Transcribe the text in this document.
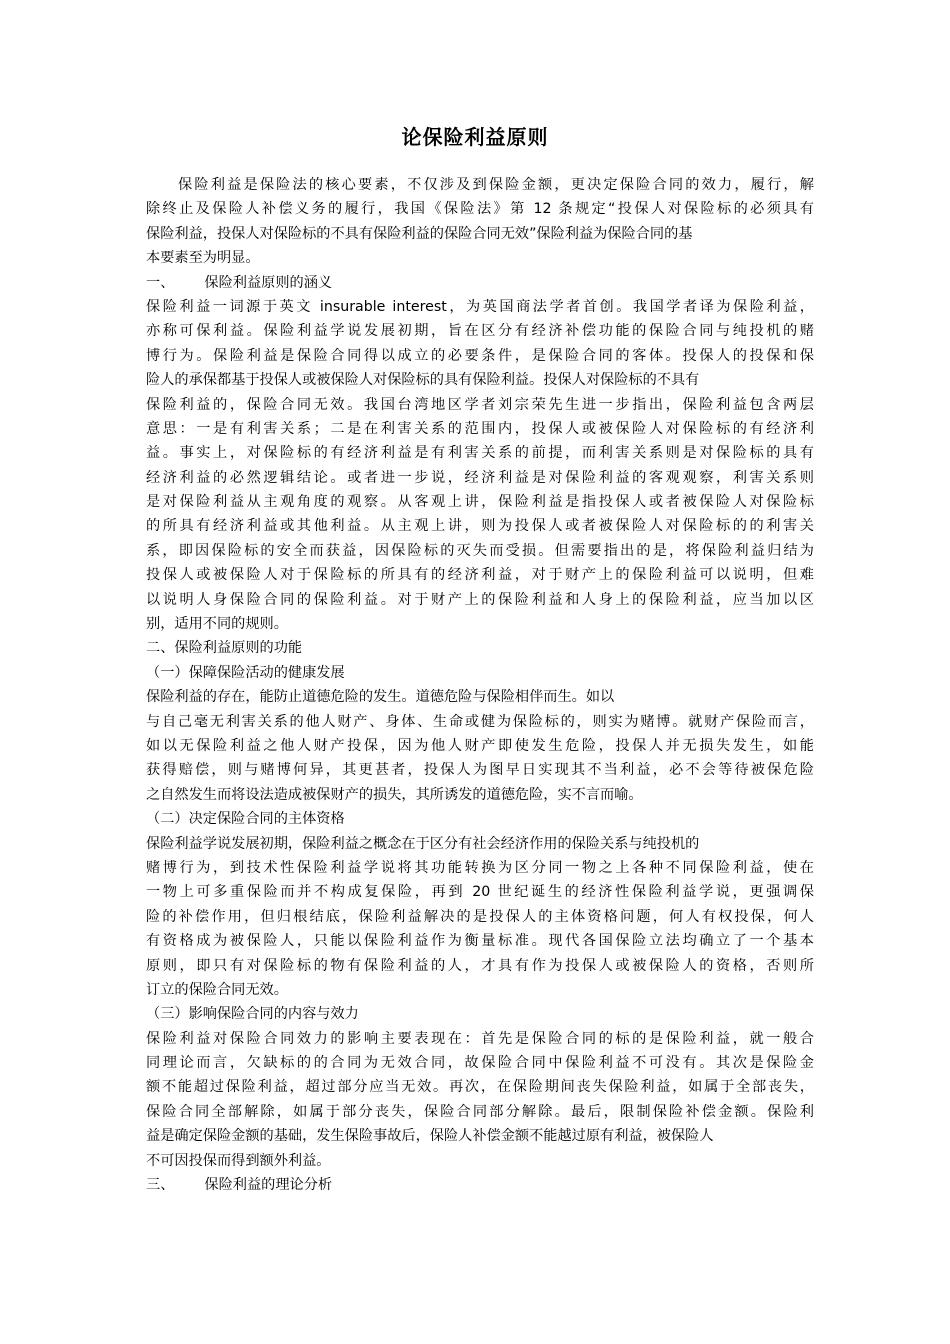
论保险利益原则
保险利益是保险法的核心要素，不仅涉及到保险金额，更决定保险合同的效力，履行，解
除终止及保险人补偿义务的履行，我国《保险法》第 12 条规定“投保人对保险标的必须具有
保险利益，投保人对保险标的不具有保险利益的保险合同无效”保险利益为保险合同的基
本要素至为明显。
一、 保险利益原则的涵义
保险利益一词源于英文 insurable interest，为英国商法学者首创。我国学者译为保险利益，
亦称可保利益。保险利益学说发展初期，旨在区分有经济补偿功能的保险合同与纯投机的赌
博行为。保险利益是保险合同得以成立的必要条件，是保险合同的客体。投保人的投保和保
险人的承保都基于投保人或被保险人对保险标的具有保险利益。投保人对保险标的不具有
保险利益的，保险合同无效。我国台湾地区学者刘宗荣先生进一步指出，保险利益包含两层
意思：一是有利害关系；二是在利害关系的范围内，投保人或被保险人对保险标的有经济利
益。事实上，对保险标的有经济利益是有利害关系的前提，而利害关系则是对保险标的具有
经济利益的必然逻辑结论。或者进一步说，经济利益是对保险利益的客观观察，利害关系则
是对保险利益从主观角度的观察。从客观上讲，保险利益是指投保人或者被保险人对保险标
的所具有经济利益或其他利益。从主观上讲，则为投保人或者被保险人对保险标的的利害关
系，即因保险标的安全而获益，因保险标的灭失而受损。但需要指出的是，将保险利益归结为
投保人或被保险人对于保险标的所具有的经济利益，对于财产上的保险利益可以说明，但难
以说明人身保险合同的保险利益。对于财产上的保险利益和人身上的保险利益，应当加以区
别，适用不同的规则。
二、保险利益原则的功能
（一）保障保险活动的健康发展
保险利益的存在，能防止道德危险的发生。道德危险与保险相伴而生。如以
与自己毫无利害关系的他人财产、身体、生命或健为保险标的，则实为赌博。就财产保险而言，
如以无保险利益之他人财产投保，因为他人财产即使发生危险，投保人并无损失发生，如能
获得赔偿，则与赌博何异，其更甚者，投保人为图早日实现其不当利益，必不会等待被保危险
之自然发生而将设法造成被保财产的损失，其所诱发的道德危险，实不言而喻。
（二）决定保险合同的主体资格
保险利益学说发展初期，保险利益之概念在于区分有社会经济作用的保险关系与纯投机的
赌博行为，到技术性保险利益学说将其功能转换为区分同一物之上各种不同保险利益，使在
一物上可多重保险而并不构成复保险，再到 20 世纪诞生的经济性保险利益学说，更强调保
险的补偿作用，但归根结底，保险利益解决的是投保人的主体资格问题，何人有权投保，何人
有资格成为被保险人，只能以保险利益作为衡量标准。现代各国保险立法均确立了一个基本
原则，即只有对保险标的物有保险利益的人，才具有作为投保人或被保险人的资格，否则所
订立的保险合同无效。
（三）影响保险合同的内容与效力
保险利益对保险合同效力的影响主要表现在：首先是保险合同的标的是保险利益，就一般合
同理论而言，欠缺标的的合同为无效合同，故保险合同中保险利益不可没有。其次是保险金
额不能超过保险利益，超过部分应当无效。再次，在保险期间丧失保险利益，如属于全部丧失，
保险合同全部解除，如属于部分丧失，保险合同部分解除。最后，限制保险补偿金额。保险利
益是确定保险金额的基础，发生保险事故后，保险人补偿金额不能越过原有利益，被保险人
不可因投保而得到额外利益。
三、 保险利益的理论分析
